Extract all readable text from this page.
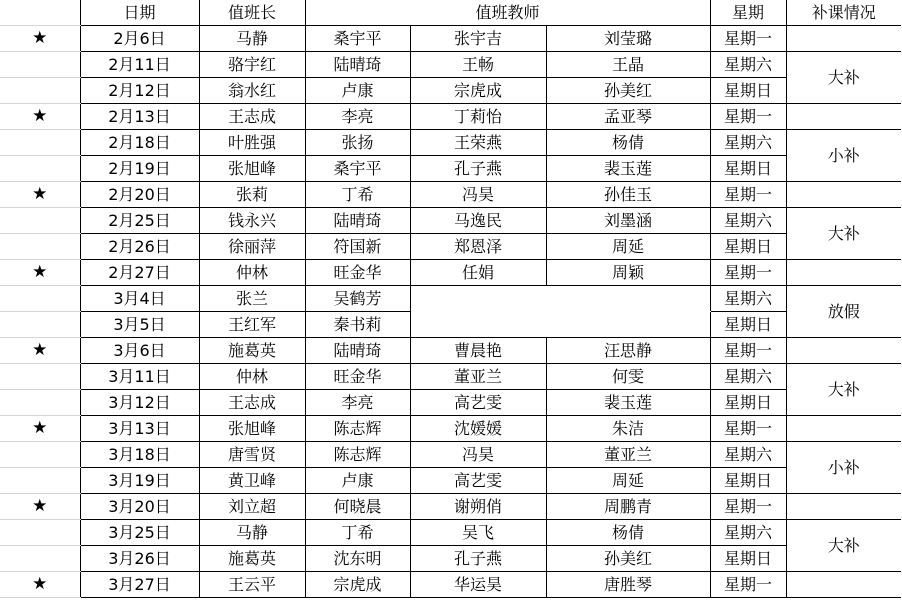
	日期	值班长	值班教师			星期	补课情况
★	2月6日	马静	桑宇平	张宇吉	刘莹璐	星期一	
	2月11日	骆宇红	陆晴琦	王畅	王晶	星期六	大补
	2月12日	翁水红	卢康	宗虎成	孙美红	星期日	
★	2月13日	王志成	李亮	丁莉怡	孟亚琴	星期一	
	2月18日	叶胜强	张扬	王荣燕	杨倩	星期六	小补
	2月19日	张旭峰	桑宇平	孔子燕	裴玉莲	星期日	
★	2月20日	张莉	丁希	冯昊	孙佳玉	星期一	
	2月25日	钱永兴	陆晴琦	马逸民	刘墨涵	星期六	大补
	2月26日	徐丽萍	符国新	郑恩泽	周延	星期日	
★	2月27日	仲林	旺金华	任娟	周颖	星期一	
	3月4日	张兰	吴鹤芳			星期六	放假
	3月5日	王红军	秦书莉			星期日	
★	3月6日	施葛英	陆晴琦	曹晨艳	汪思静	星期一	
	3月11日	仲林	旺金华	董亚兰	何雯	星期六	大补
	3月12日	王志成	李亮	高艺雯	裴玉莲	星期日	
★	3月13日	张旭峰	陈志辉	沈媛媛	朱洁	星期一	
	3月18日	唐雪贤	陈志辉	冯昊	董亚兰	星期六	小补
	3月19日	黄卫峰	卢康	高艺雯	周延	星期日	
★	3月20日	刘立超	何晓晨	谢朔俏	周鹏青	星期一	
	3月25日	马静	丁希	吴飞	杨倩	星期六	大补
	3月26日	施葛英	沈东明	孔子燕	孙美红	星期日	
★	3月27日	王云平	宗虎成	华运昊	唐胜琴	星期一	
